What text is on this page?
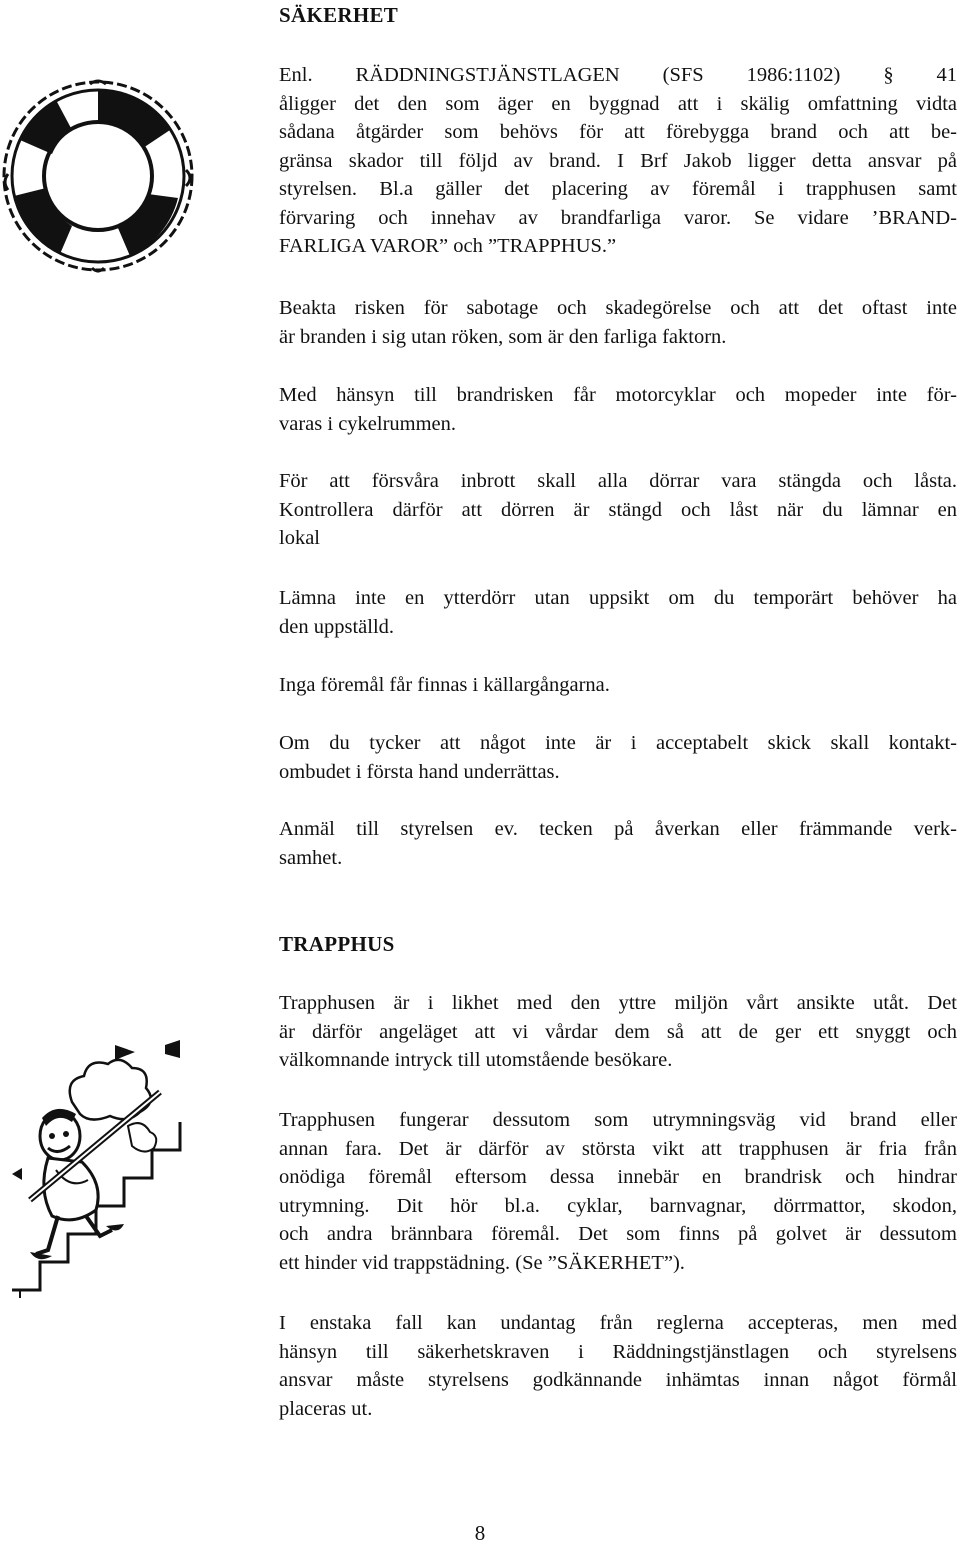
SÄKERHET

Enl. RÄDDNINGSTJÄNSTLAGEN (SFS 1986:1102) § 41
åligger det den som äger en byggnad att i skälig omfattning vidta
sådana åtgärder som behövs för att förebygga brand och att be-
gränsa skador till följd av brand. I Brf Jakob ligger detta ansvar på
styrelsen. Bl.a gäller det placering av föremål i trapphusen samt
förvaring och innehav av brandfarliga varor. Se vidare ’BRAND-
FARLIGA VAROR” och ”TRAPPHUS.”

Beakta risken för sabotage och skadegörelse och att det oftast inte
är branden i sig utan röken, som är den farliga faktorn.

Med hänsyn till brandrisken får motorcyklar och mopeder inte för-
varas i cykelrummen.

För att försvåra inbrott skall alla dörrar vara stängda och låsta.
Kontrollera därför att dörren är stängd och låst när du lämnar en
lokal

Lämna inte en ytterdörr utan uppsikt om du temporärt behöver ha
den uppställd.

Inga föremål får finnas i källargångarna.

Om du tycker att något inte är i acceptabelt skick skall kontakt-
ombudet i första hand underrättas.

Anmäl till styrelsen ev. tecken på åverkan eller främmande verk-
samhet.

TRAPPHUS

Trapphusen är i likhet med den yttre miljön vårt ansikte utåt. Det
är därför angeläget att vi vårdar dem så att de ger ett snyggt och
välkomnande intryck till utomstående besökare.

Trapphusen fungerar dessutom som utrymningsväg vid brand eller
annan fara. Det är därför av största vikt att trapphusen är fria från
onödiga föremål eftersom dessa innebär en brandrisk och hindrar
utrymning. Dit hör bl.a. cyklar, barnvagnar, dörrmattor, skodon,
och andra brännbara föremål. Det som finns på golvet är dessutom
ett hinder vid trappstädning. (Se ”SÄKERHET”).

I enstaka fall kan undantag från reglerna accepteras, men med
hänsyn till säkerhetskraven i Räddningstjänstlagen och styrelsens
ansvar måste styrelsens godkännande inhämtas innan något förmål
placeras ut.

8
